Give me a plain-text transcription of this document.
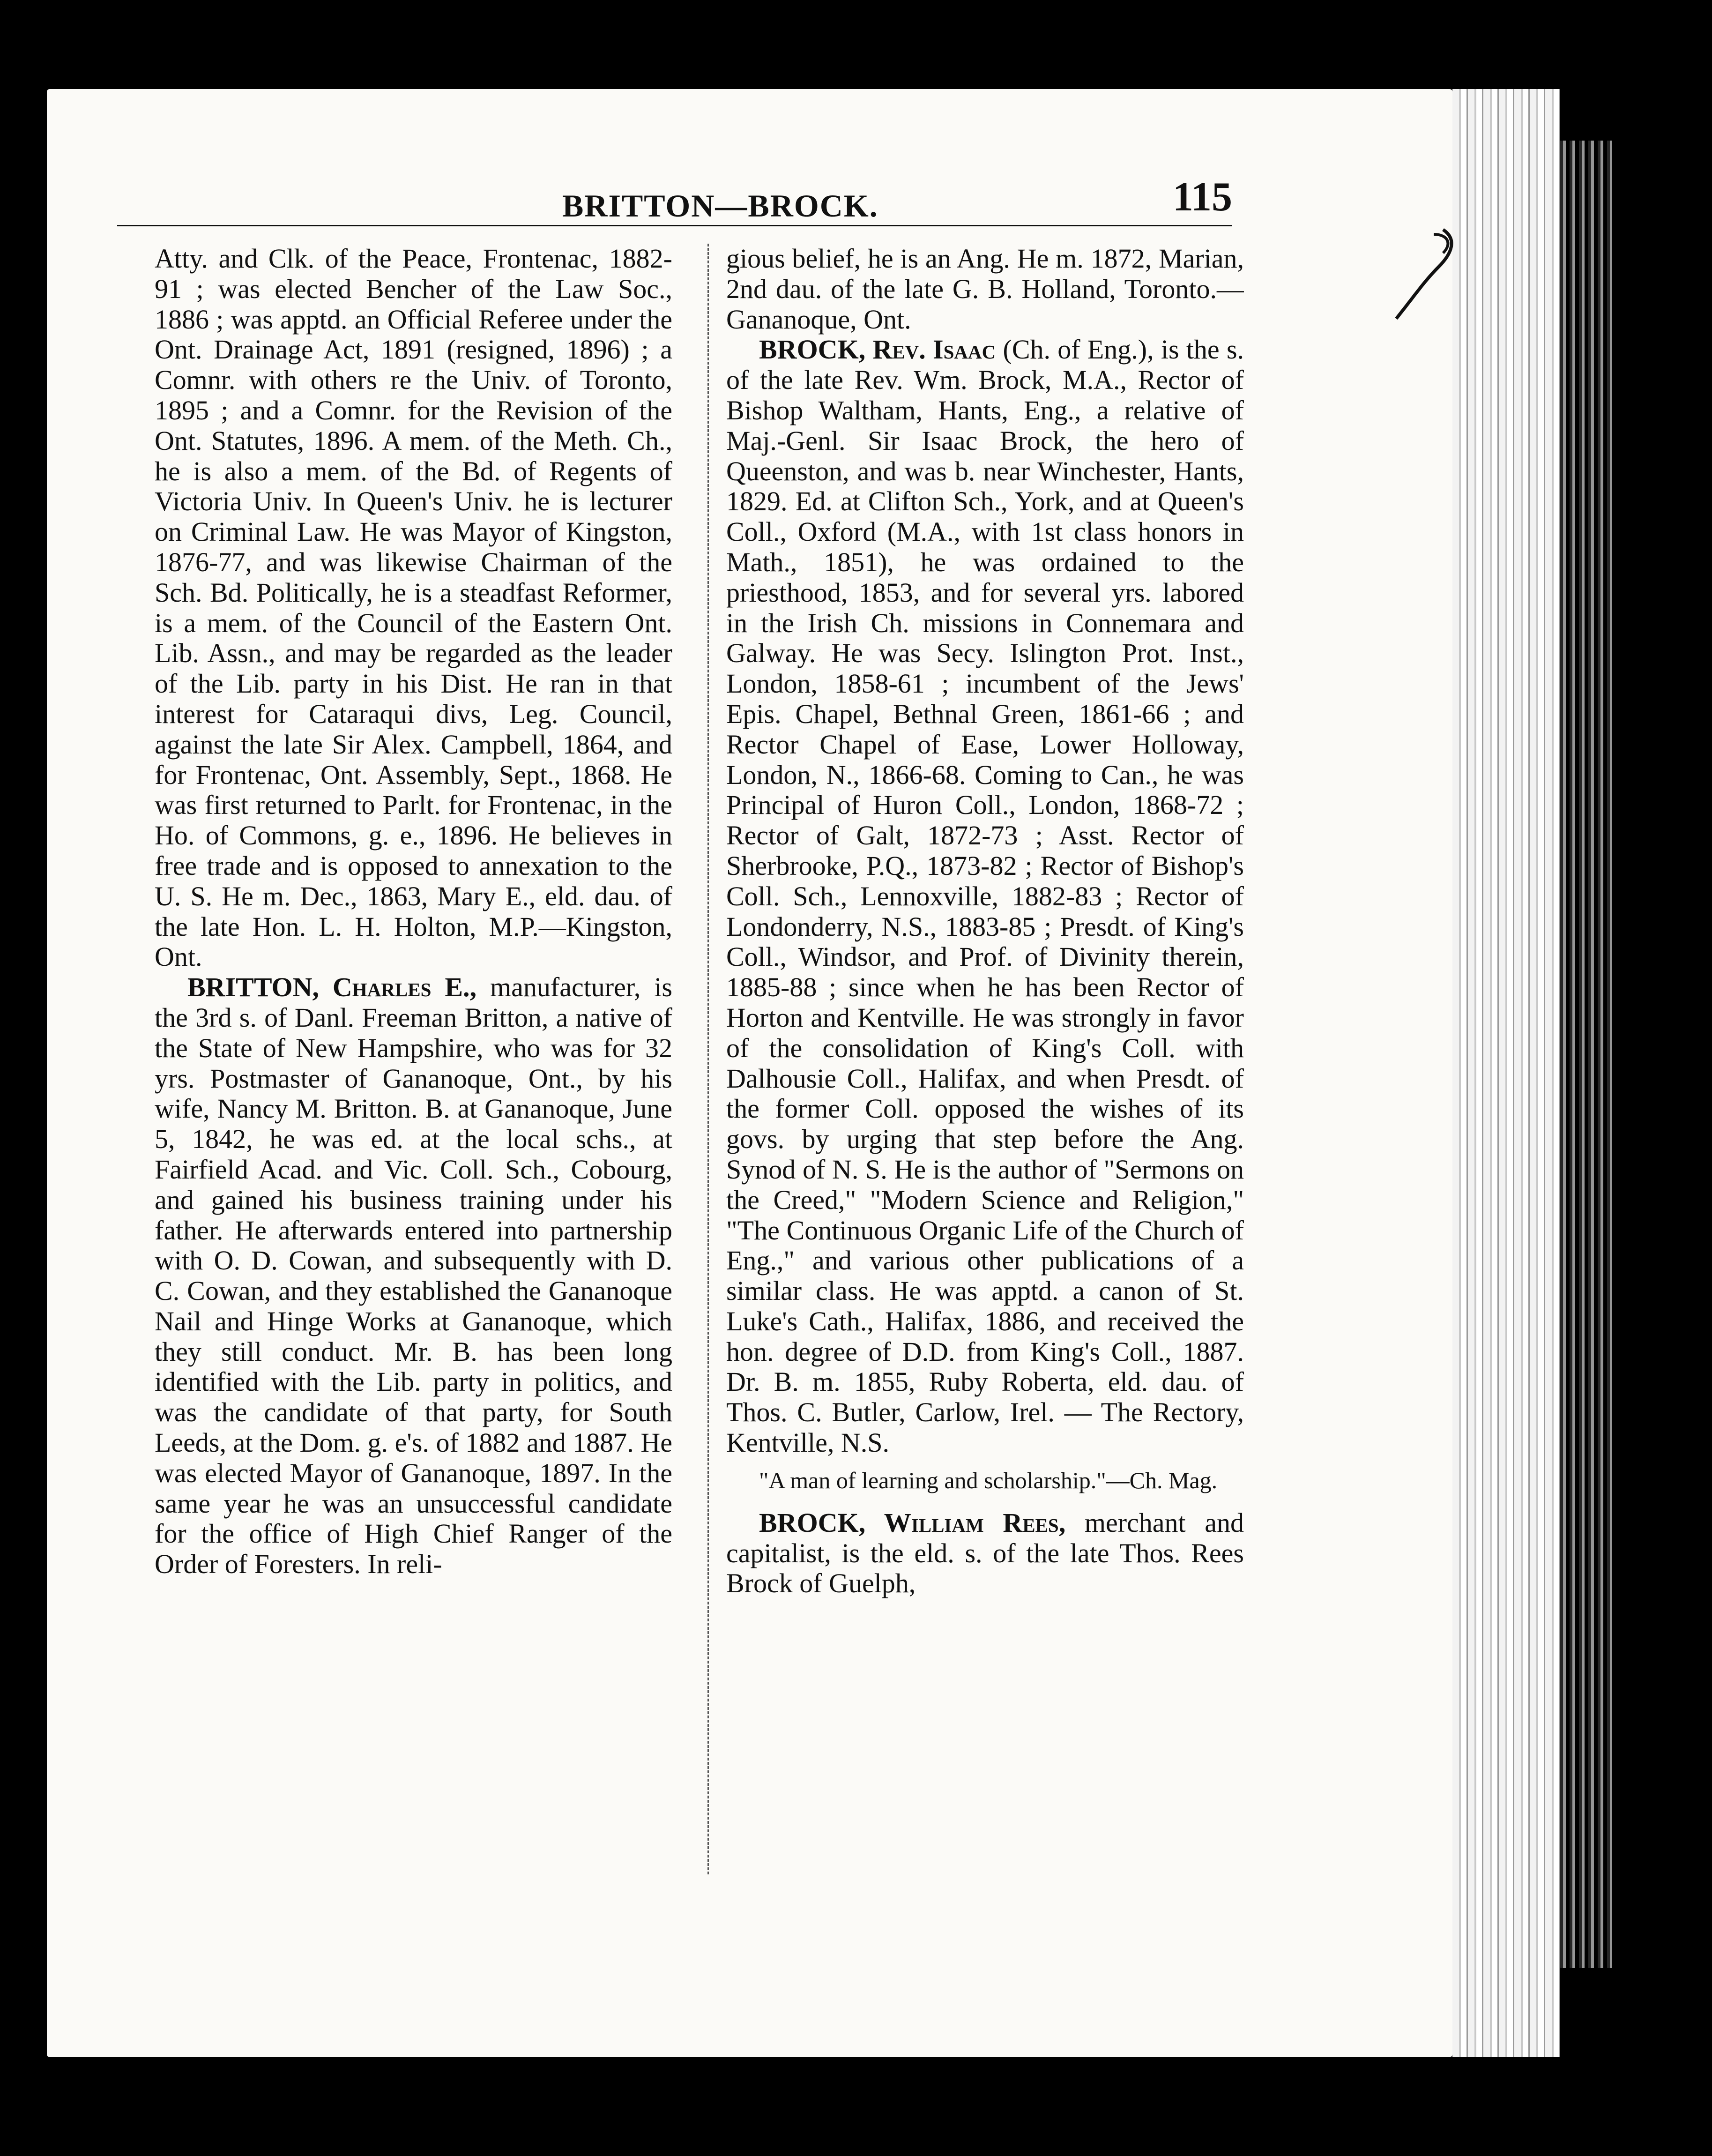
BRITTON—BROCK.	115

Atty. and Clk. of the Peace, Frontenac, 1882-91 ; was elected Bencher of the Law Soc., 1886 ; was apptd. an Official Referee under the Ont. Drainage Act, 1891 (resigned, 1896) ; a Comnr. with others re the Univ. of Toronto, 1895 ; and a Comnr. for the Revision of the Ont. Statutes, 1896. A mem. of the Meth. Ch., he is also a mem. of the Bd. of Regents of Victoria Univ. In Queen's Univ. he is lecturer on Criminal Law. He was Mayor of Kingston, 1876-77, and was likewise Chairman of the Sch. Bd. Politically, he is a steadfast Reformer, is a mem. of the Council of the Eastern Ont. Lib. Assn., and may be regarded as the leader of the Lib. party in his Dist. He ran in that interest for Cataraqui divs, Leg. Council, against the late Sir Alex. Campbell, 1864, and for Frontenac, Ont. Assembly, Sept., 1868. He was first returned to Parlt. for Frontenac, in the Ho. of Commons, g. e., 1896. He believes in free trade and is opposed to annexation to the U. S. He m. Dec., 1863, Mary E., eld. dau. of the late Hon. L. H. Holton, M.P.—Kingston, Ont.

BRITTON, Charles E., manufacturer, is the 3rd s. of Danl. Freeman Britton, a native of the State of New Hampshire, who was for 32 yrs. Postmaster of Gananoque, Ont., by his wife, Nancy M. Britton. B. at Gananoque, June 5, 1842, he was ed. at the local schs., at Fairfield Acad. and Vic. Coll. Sch., Cobourg, and gained his business training under his father. He afterwards entered into partnership with O. D. Cowan, and subsequently with D. C. Cowan, and they established the Gananoque Nail and Hinge Works at Gananoque, which they still conduct. Mr. B. has been long identified with the Lib. party in politics, and was the candidate of that party, for South Leeds, at the Dom. g. e's. of 1882 and 1887. He was elected Mayor of Gananoque, 1897. In the same year he was an unsuccessful candidate for the office of High Chief Ranger of the Order of Foresters. In reli-

gious belief, he is an Ang. He m. 1872, Marian, 2nd dau. of the late G. B. Holland, Toronto.—Gananoque, Ont.

BROCK, Rev. Isaac (Ch. of Eng.), is the s. of the late Rev. Wm. Brock, M.A., Rector of Bishop Waltham, Hants, Eng., a relative of Maj.-Genl. Sir Isaac Brock, the hero of Queenston, and was b. near Winchester, Hants, 1829. Ed. at Clifton Sch., York, and at Queen's Coll., Oxford (M.A., with 1st class honors in Math., 1851), he was ordained to the priesthood, 1853, and for several yrs. labored in the Irish Ch. missions in Connemara and Galway. He was Secy. Islington Prot. Inst., London, 1858-61 ; incumbent of the Jews' Epis. Chapel, Bethnal Green, 1861-66 ; and Rector Chapel of Ease, Lower Holloway, London, N., 1866-68. Coming to Can., he was Principal of Huron Coll., London, 1868-72 ; Rector of Galt, 1872-73 ; Asst. Rector of Sherbrooke, P.Q., 1873-82 ; Rector of Bishop's Coll. Sch., Lennoxville, 1882-83 ; Rector of Londonderry, N.S., 1883-85 ; Presdt. of King's Coll., Windsor, and Prof. of Divinity therein, 1885-88 ; since when he has been Rector of Horton and Kentville. He was strongly in favor of the consolidation of King's Coll. with Dalhousie Coll., Halifax, and when Presdt. of the former Coll. opposed the wishes of its govs. by urging that step before the Ang. Synod of N. S. He is the author of "Sermons on the Creed," "Modern Science and Religion," "The Continuous Organic Life of the Church of Eng.," and various other publications of a similar class. He was apptd. a canon of St. Luke's Cath., Halifax, 1886, and received the hon. degree of D.D. from King's Coll., 1887. Dr. B. m. 1855, Ruby Roberta, eld. dau. of Thos. C. Butler, Carlow, Irel. — The Rectory, Kentville, N.S.

"A man of learning and scholarship."—Ch. Mag.

BROCK, William Rees, merchant and capitalist, is the eld. s. of the late Thos. Rees Brock of Guelph,
